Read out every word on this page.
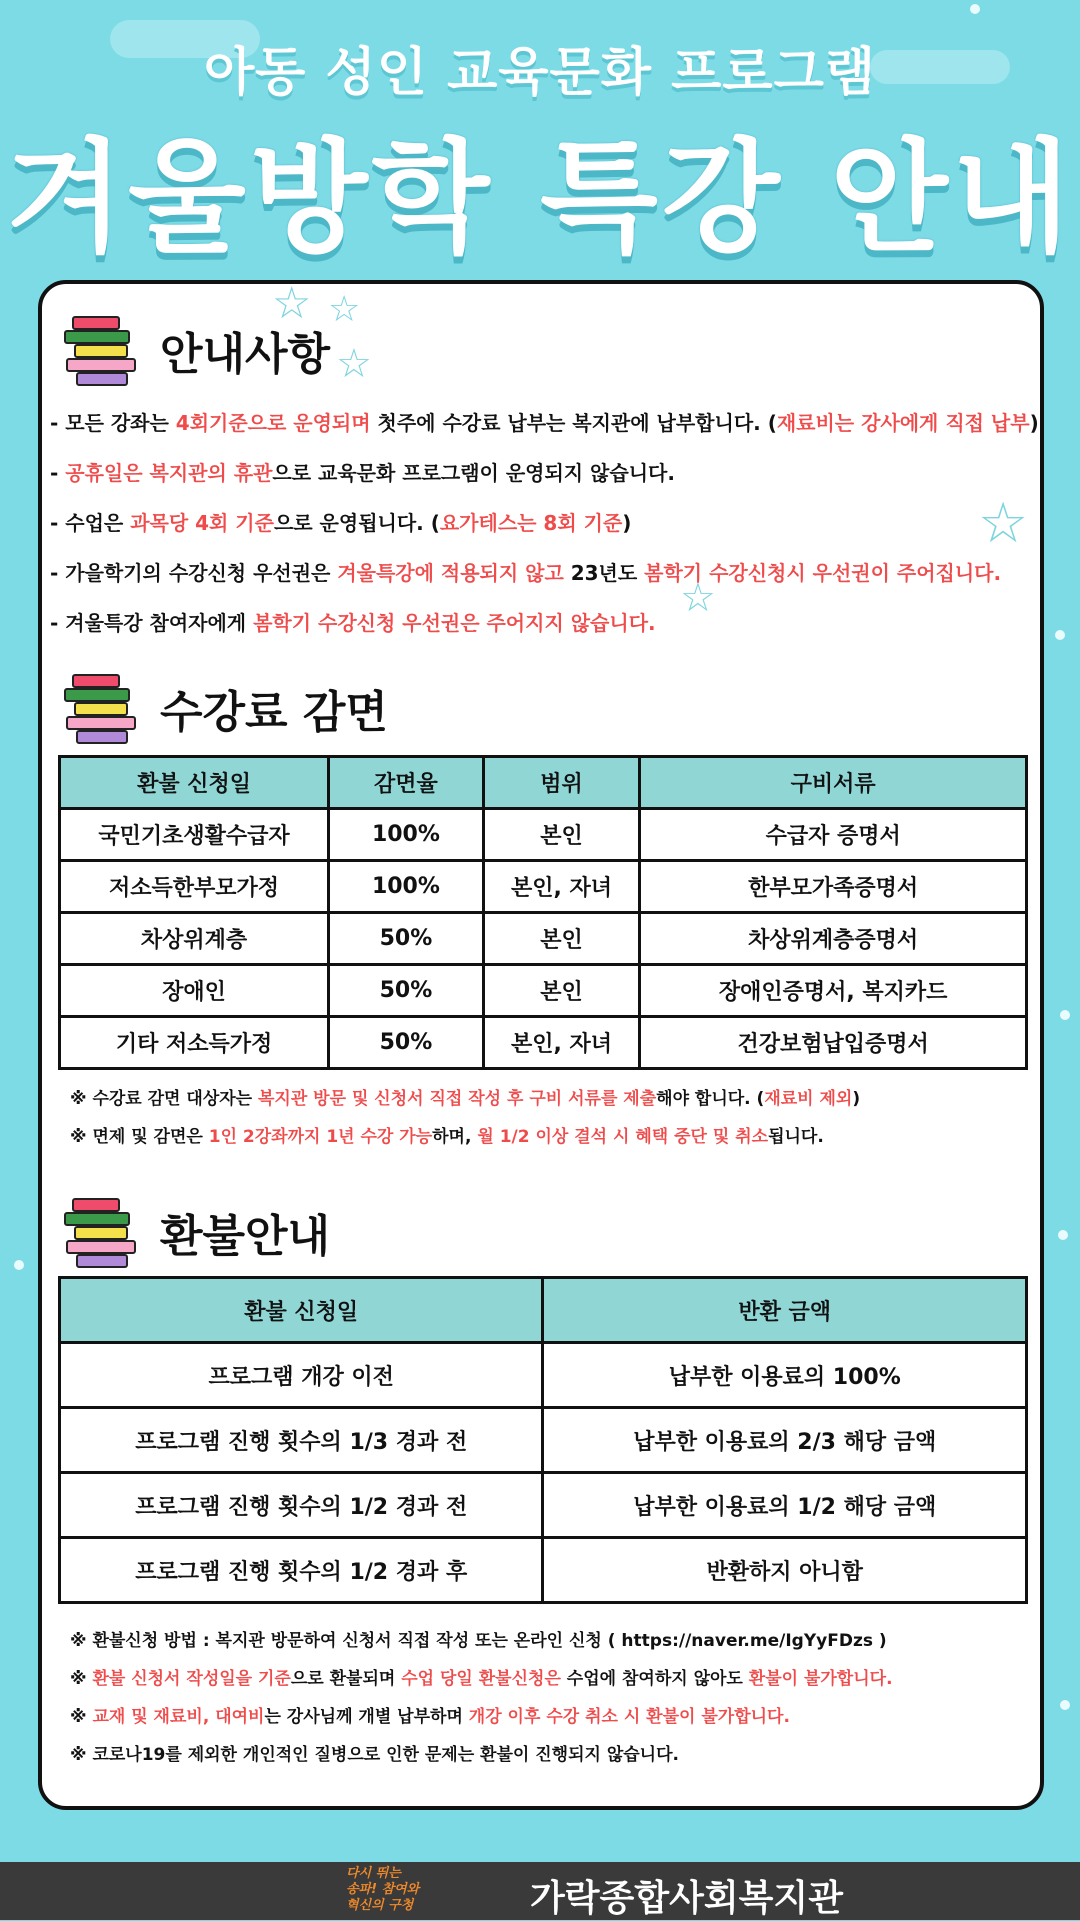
아동 성인 교육문화 프로그램
겨울방학 특강 안내
☆ ☆
☆
☆
☆
안내사항
- 모든 강좌는 4회기준으로 운영되며 첫주에 수강료 납부는 복지관에 납부합니다. (재료비는 강사에게 직접 납부)
- 공휴일은 복지관의 휴관으로 교육문화 프로그램이 운영되지 않습니다.
- 수업은 과목당 4회 기준으로 운영됩니다. (요가테스는 8회 기준)
- 가을학기의 수강신청 우선권은 겨울특강에 적용되지 않고 23년도 봄학기 수강신청시 우선권이 주어집니다.
- 겨울특강 참여자에게 봄학기 수강신청 우선권은 주어지지 않습니다.
수강료 감면
환불 신청일	감면율	범위	구비서류
국민기초생활수급자	100%	본인	수급자 증명서
저소득한부모가정	100%	본인, 자녀	한부모가족증명서
차상위계층	50%	본인	차상위계층증명서
장애인	50%	본인	장애인증명서, 복지카드
기타 저소득가정	50%	본인, 자녀	건강보험납입증명서
※ 수강료 감면 대상자는 복지관 방문 및 신청서 직접 작성 후 구비 서류를 제출해야 합니다. (재료비 제외)
※ 면제 및 감면은 1인 2강좌까지 1년 수강 가능하며, 월 1/2 이상 결석 시 혜택 중단 및 취소됩니다.
환불안내
환불 신청일	반환 금액
프로그램 개강 이전	납부한 이용료의 100%
프로그램 진행 횟수의 1/3 경과 전	납부한 이용료의 2/3 해당 금액
프로그램 진행 횟수의 1/2 경과 전	납부한 이용료의 1/2 해당 금액
프로그램 진행 횟수의 1/2 경과 후	반환하지 아니함
※ 환불신청 방법 : 복지관 방문하여 신청서 직접 작성 또는 온라인 신청 ( https://naver.me/IgYyFDzs )
※ 환불 신청서 작성일을 기준으로 환불되며 수업 당일 환불신청은 수업에 참여하지 않아도 환불이 불가합니다.
※ 교재 및 재료비, 대여비는 강사님께 개별 납부하며 개강 이후 수강 취소 시 환불이 불가합니다.
※ 코로나19를 제외한 개인적인 질병으로 인한 문제는 환불이 진행되지 않습니다.
다시 뛰는
송파! 참여와
혁신의 구청	가락종합사회복지관
